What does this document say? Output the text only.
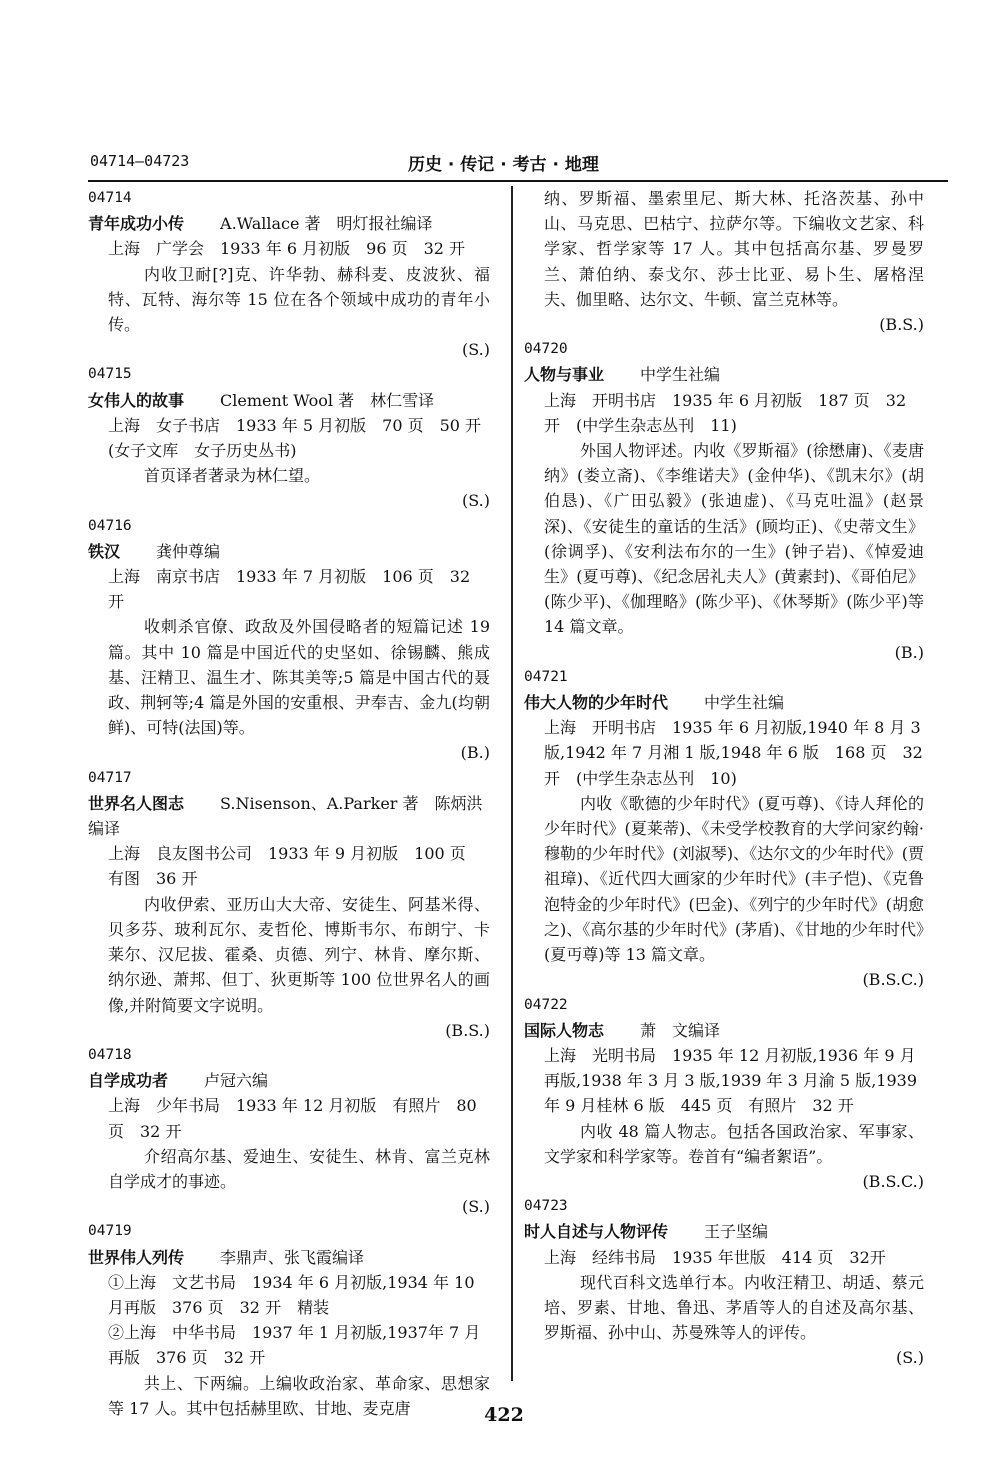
04714—04723	历史 · 传记 · 考古 · 地理
04714
青年成功小传 A.Wallace 著　明灯报社编译
上海　广学会　1933 年 6 月初版　96 页　32 开
内收卫耐[?]克、许华勃、赫科麦、皮波狄、福特、瓦特、海尔等 15 位在各个领域中成功的青年小传。
(S.)
04715
女伟人的故事 Clement Wool 著　林仁雪译
上海　女子书店　1933 年 5 月初版　70 页　50 开　(女子文库　女子历史丛书)
首页译者著录为林仁望。
(S.)
04716
铁汉 龚仲尊编
上海　南京书店　1933 年 7 月初版　106 页　32 开
收刺杀官僚、政敌及外国侵略者的短篇记述 19 篇。其中 10 篇是中国近代的史坚如、徐锡麟、熊成基、汪精卫、温生才、陈其美等;5 篇是中国古代的聂政、荆轲等;4 篇是外国的安重根、尹奉吉、金九(均朝鲜)、可特(法国)等。
(B.)
04717
世界名人图志 S.Nisenson、A.Parker 著　陈炳洪编译
上海　良友图书公司　1933 年 9 月初版　100 页　有图　36 开
内收伊索、亚历山大大帝、安徒生、阿基米得、贝多芬、玻利瓦尔、麦哲伦、博斯韦尔、布朗宁、卡莱尔、汉尼拔、霍桑、贞德、列宁、林肯、摩尔斯、纳尔逊、萧邦、但丁、狄更斯等 100 位世界名人的画像,并附简要文字说明。
(B.S.)
04718
自学成功者 卢冠六编
上海　少年书局　1933 年 12 月初版　有照片　80 页　32 开
介绍高尔基、爱迪生、安徒生、林肯、富兰克林自学成才的事迹。
(S.)
04719
世界伟人列传 李鼎声、张飞霞编译
①上海　文艺书局　1934 年 6 月初版,1934 年 10 月再版　376 页　32 开　精装
②上海　中华书局　1937 年 1 月初版,1937年 7 月再版　376 页　32 开
共上、下两编。上编收政治家、革命家、思想家等 17 人。其中包括赫里欧、甘地、麦克唐
纳、罗斯福、墨索里尼、斯大林、托洛茨基、孙中山、马克思、巴枯宁、拉萨尔等。下编收文艺家、科学家、哲学家等 17 人。其中包括高尔基、罗曼罗兰、萧伯纳、泰戈尔、莎士比亚、易卜生、屠格涅夫、伽里略、达尔文、牛顿、富兰克林等。
(B.S.)
04720
人物与事业 中学生社编
上海　开明书店　1935 年 6 月初版　187 页　32 开　(中学生杂志丛刊　11)
外国人物评述。内收《罗斯福》(徐懋庸)、《麦唐纳》(娄立斋)、《李维诺夫》(金仲华)、《凯末尔》(胡伯恳)、《广田弘毅》(张迪虚)、《马克吐温》(赵景深)、《安徒生的童话的生活》(顾均正)、《史蒂文生》(徐调孚)、《安利法布尔的一生》(钟子岩)、《悼爱迪生》(夏丏尊)、《纪念居礼夫人》(黄素封)、《哥伯尼》(陈少平)、《伽理略》(陈少平)、《休琴斯》(陈少平)等 14 篇文章。
(B.)
04721
伟大人物的少年时代 中学生社编
上海　开明书店　1935 年 6 月初版,1940 年 8 月 3 版,1942 年 7 月湘 1 版,1948 年 6 版　168 页　32 开　(中学生杂志丛刊　10)
内收《歌德的少年时代》(夏丏尊)、《诗人拜伦的少年时代》(夏莱蒂)、《未受学校教育的大学问家约翰·穆勒的少年时代》(刘淑琴)、《达尔文的少年时代》(贾祖璋)、《近代四大画家的少年时代》(丰子恺)、《克鲁泡特金的少年时代》(巴金)、《列宁的少年时代》(胡愈之)、《高尔基的少年时代》(茅盾)、《甘地的少年时代》(夏丏尊)等 13 篇文章。
(B.S.C.)
04722
国际人物志 萧　文编译
上海　光明书局　1935 年 12 月初版,1936 年 9 月再版,1938 年 3 月 3 版,1939 年 3 月渝 5 版,1939 年 9 月桂林 6 版　445 页　有照片　32 开
内收 48 篇人物志。包括各国政治家、军事家、文学家和科学家等。卷首有“编者絮语”。
(B.S.C.)
04723
时人自述与人物评传 王子坚编
上海　经纬书局　1935 年世版　414 页　32开
现代百科文选单行本。内收汪精卫、胡适、蔡元培、罗素、甘地、鲁迅、茅盾等人的自述及高尔基、罗斯福、孙中山、苏曼殊等人的评传。
(S.)
422
